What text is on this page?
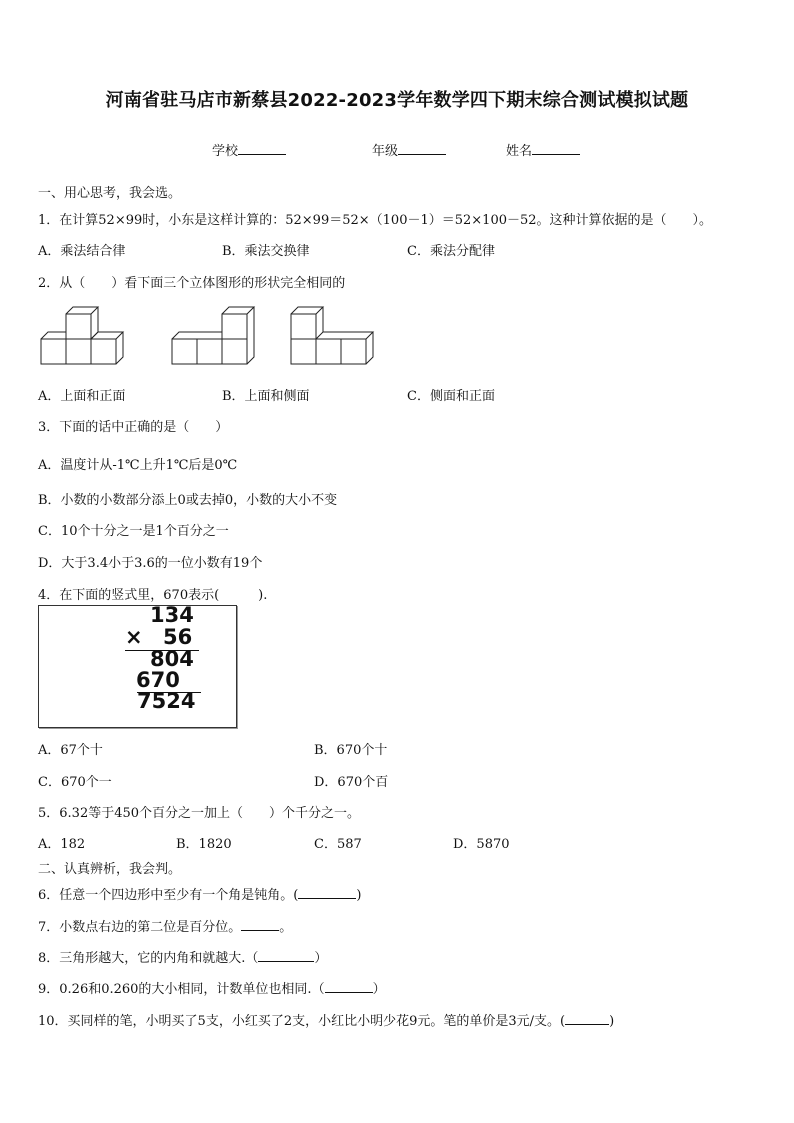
河南省驻马店市新蔡县2022-2023学年数学四下期末综合测试模拟试题
学校	年级	姓名
一、用心思考，我会选。
1．在计算52×99时，小东是这样计算的：52×99＝52×（100－1）＝52×100－52。这种计算依据的是（　　）。
A．乘法结合律	B．乘法交换律	C．乘法分配律
2．从（　　）看下面三个立体图形的形状完全相同的
A．上面和正面	B．上面和侧面	C．侧面和正面
3．下面的话中正确的是（　　）
A．温度计从-1℃上升1℃后是0℃
B．小数的小数部分添上0或去掉0，小数的大小不变
C．10个十分之一是1个百分之一
D．大于3.4小于3.6的一位小数有19个
4．在下面的竖式里，670表示(　　　).
134
× 56
804
670
7524
A．67个十	B．670个十
C．670个一	D．670个百
5．6.32等于450个百分之一加上（　　）个千分之一。
A．182	B．1820	C．587	D．5870
二、认真辨析，我会判。
6．任意一个四边形中至少有一个角是钝角。(	)
7．小数点右边的第二位是百分位。	。
8．三角形越大，它的内角和就越大.（	）
9．0.26和0.260的大小相同，计数单位也相同.（	）
10．买同样的笔，小明买了5支，小红买了2支，小红比小明少花9元。笔的单价是3元/支。(	)
